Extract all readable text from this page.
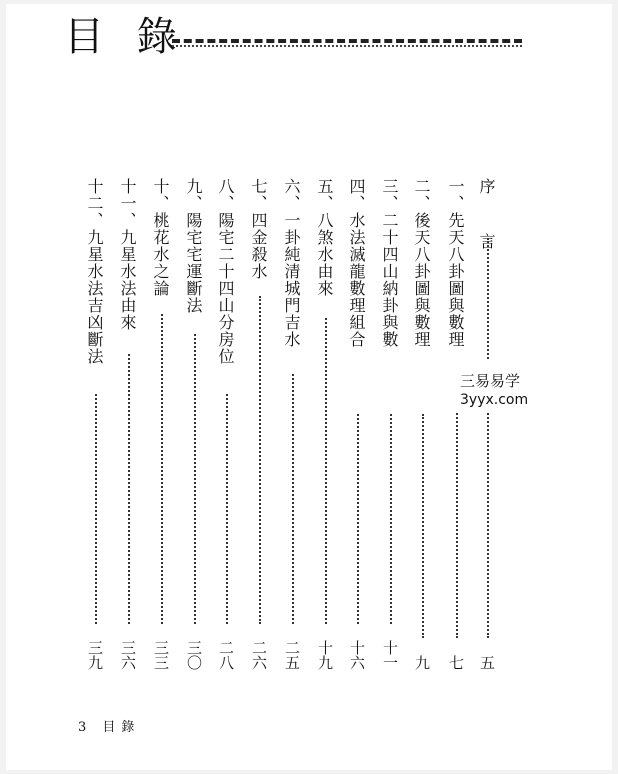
目 錄
序 言
五
一、先天八卦圖與數理
七
二、後天八卦圖與數理
九
三、二十四山納卦與數
十一
四、水法滅龍數理組合
十六
五、八煞水由來
十九
六、一卦純清城門吉水
二五
七、四金殺水
二六
八、陽宅二十四山分房位
二八
九、陽宅宅運斷法
三〇
十、桃花水之論
三三
十一、九星水法由來
三六
十二、九星水法吉凶斷法
三九
三易易学
3yyx.com
3 目錄
